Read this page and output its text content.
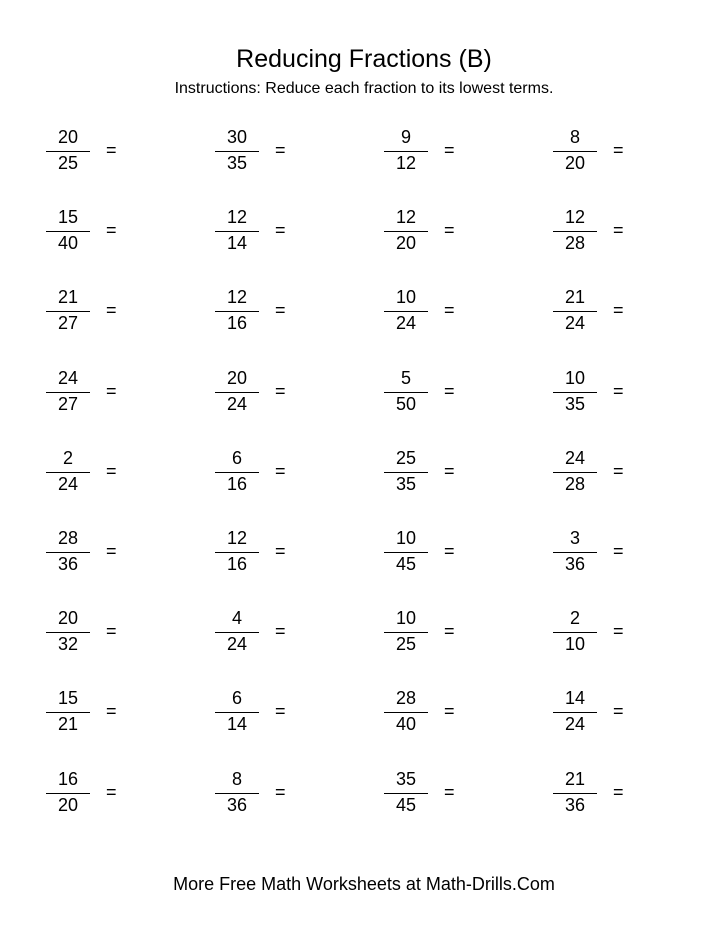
Reducing Fractions (B)
Instructions: Reduce each fraction to its lowest terms.
20
25
=
30
35
=
9
12
=
8
20
=
15
40
=
12
14
=
12
20
=
12
28
=
21
27
=
12
16
=
10
24
=
21
24
=
24
27
=
20
24
=
5
50
=
10
35
=
2
24
=
6
16
=
25
35
=
24
28
=
28
36
=
12
16
=
10
45
=
3
36
=
20
32
=
4
24
=
10
25
=
2
10
=
15
21
=
6
14
=
28
40
=
14
24
=
16
20
=
8
36
=
35
45
=
21
36
=
More Free Math Worksheets at Math-Drills.Com
